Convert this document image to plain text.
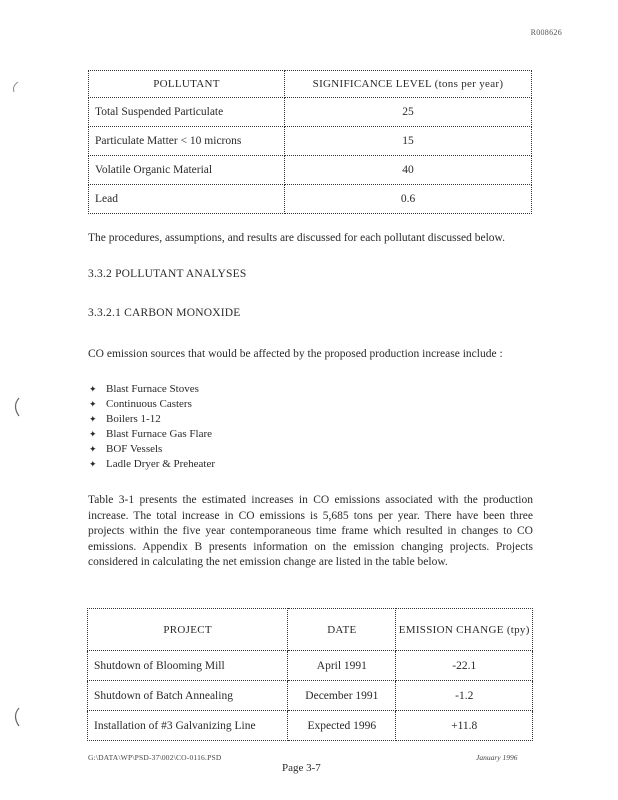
R008626
POLLUTANT	SIGNIFICANCE LEVEL (tons per year)
Total Suspended Particulate	25
Particulate Matter < 10 microns	15
Volatile Organic Material	40
Lead	0.6
The procedures, assumptions, and results are discussed for each pollutant discussed below.
3.3.2 POLLUTANT ANALYSES
3.3.2.1 CARBON MONOXIDE
CO emission sources that would be affected by the proposed production increase include :
✦ Blast Furnace Stoves
✦ Continuous Casters
✦ Boilers 1-12
✦ Blast Furnace Gas Flare
✦ BOF Vessels
✦ Ladle Dryer & Preheater
Table 3-1 presents the estimated increases in CO emissions associated with the production
increase. The total increase in CO emissions is 5,685 tons per year. There have been three
projects within the five year contemporaneous time frame which resulted in changes to CO
emissions. Appendix B presents information on the emission changing projects. Projects
considered in calculating the net emission change are listed in the table below.
PROJECT	DATE	EMISSION CHANGE (tpy)
Shutdown of Blooming Mill	April 1991	-22.1
Shutdown of Batch Annealing	December 1991	-1.2
Installation of #3 Galvanizing Line	Expected 1996	+11.8
G:\DATA\WP\PSD-37\002\CO-0116.PSD	January 1996
Page 3-7
